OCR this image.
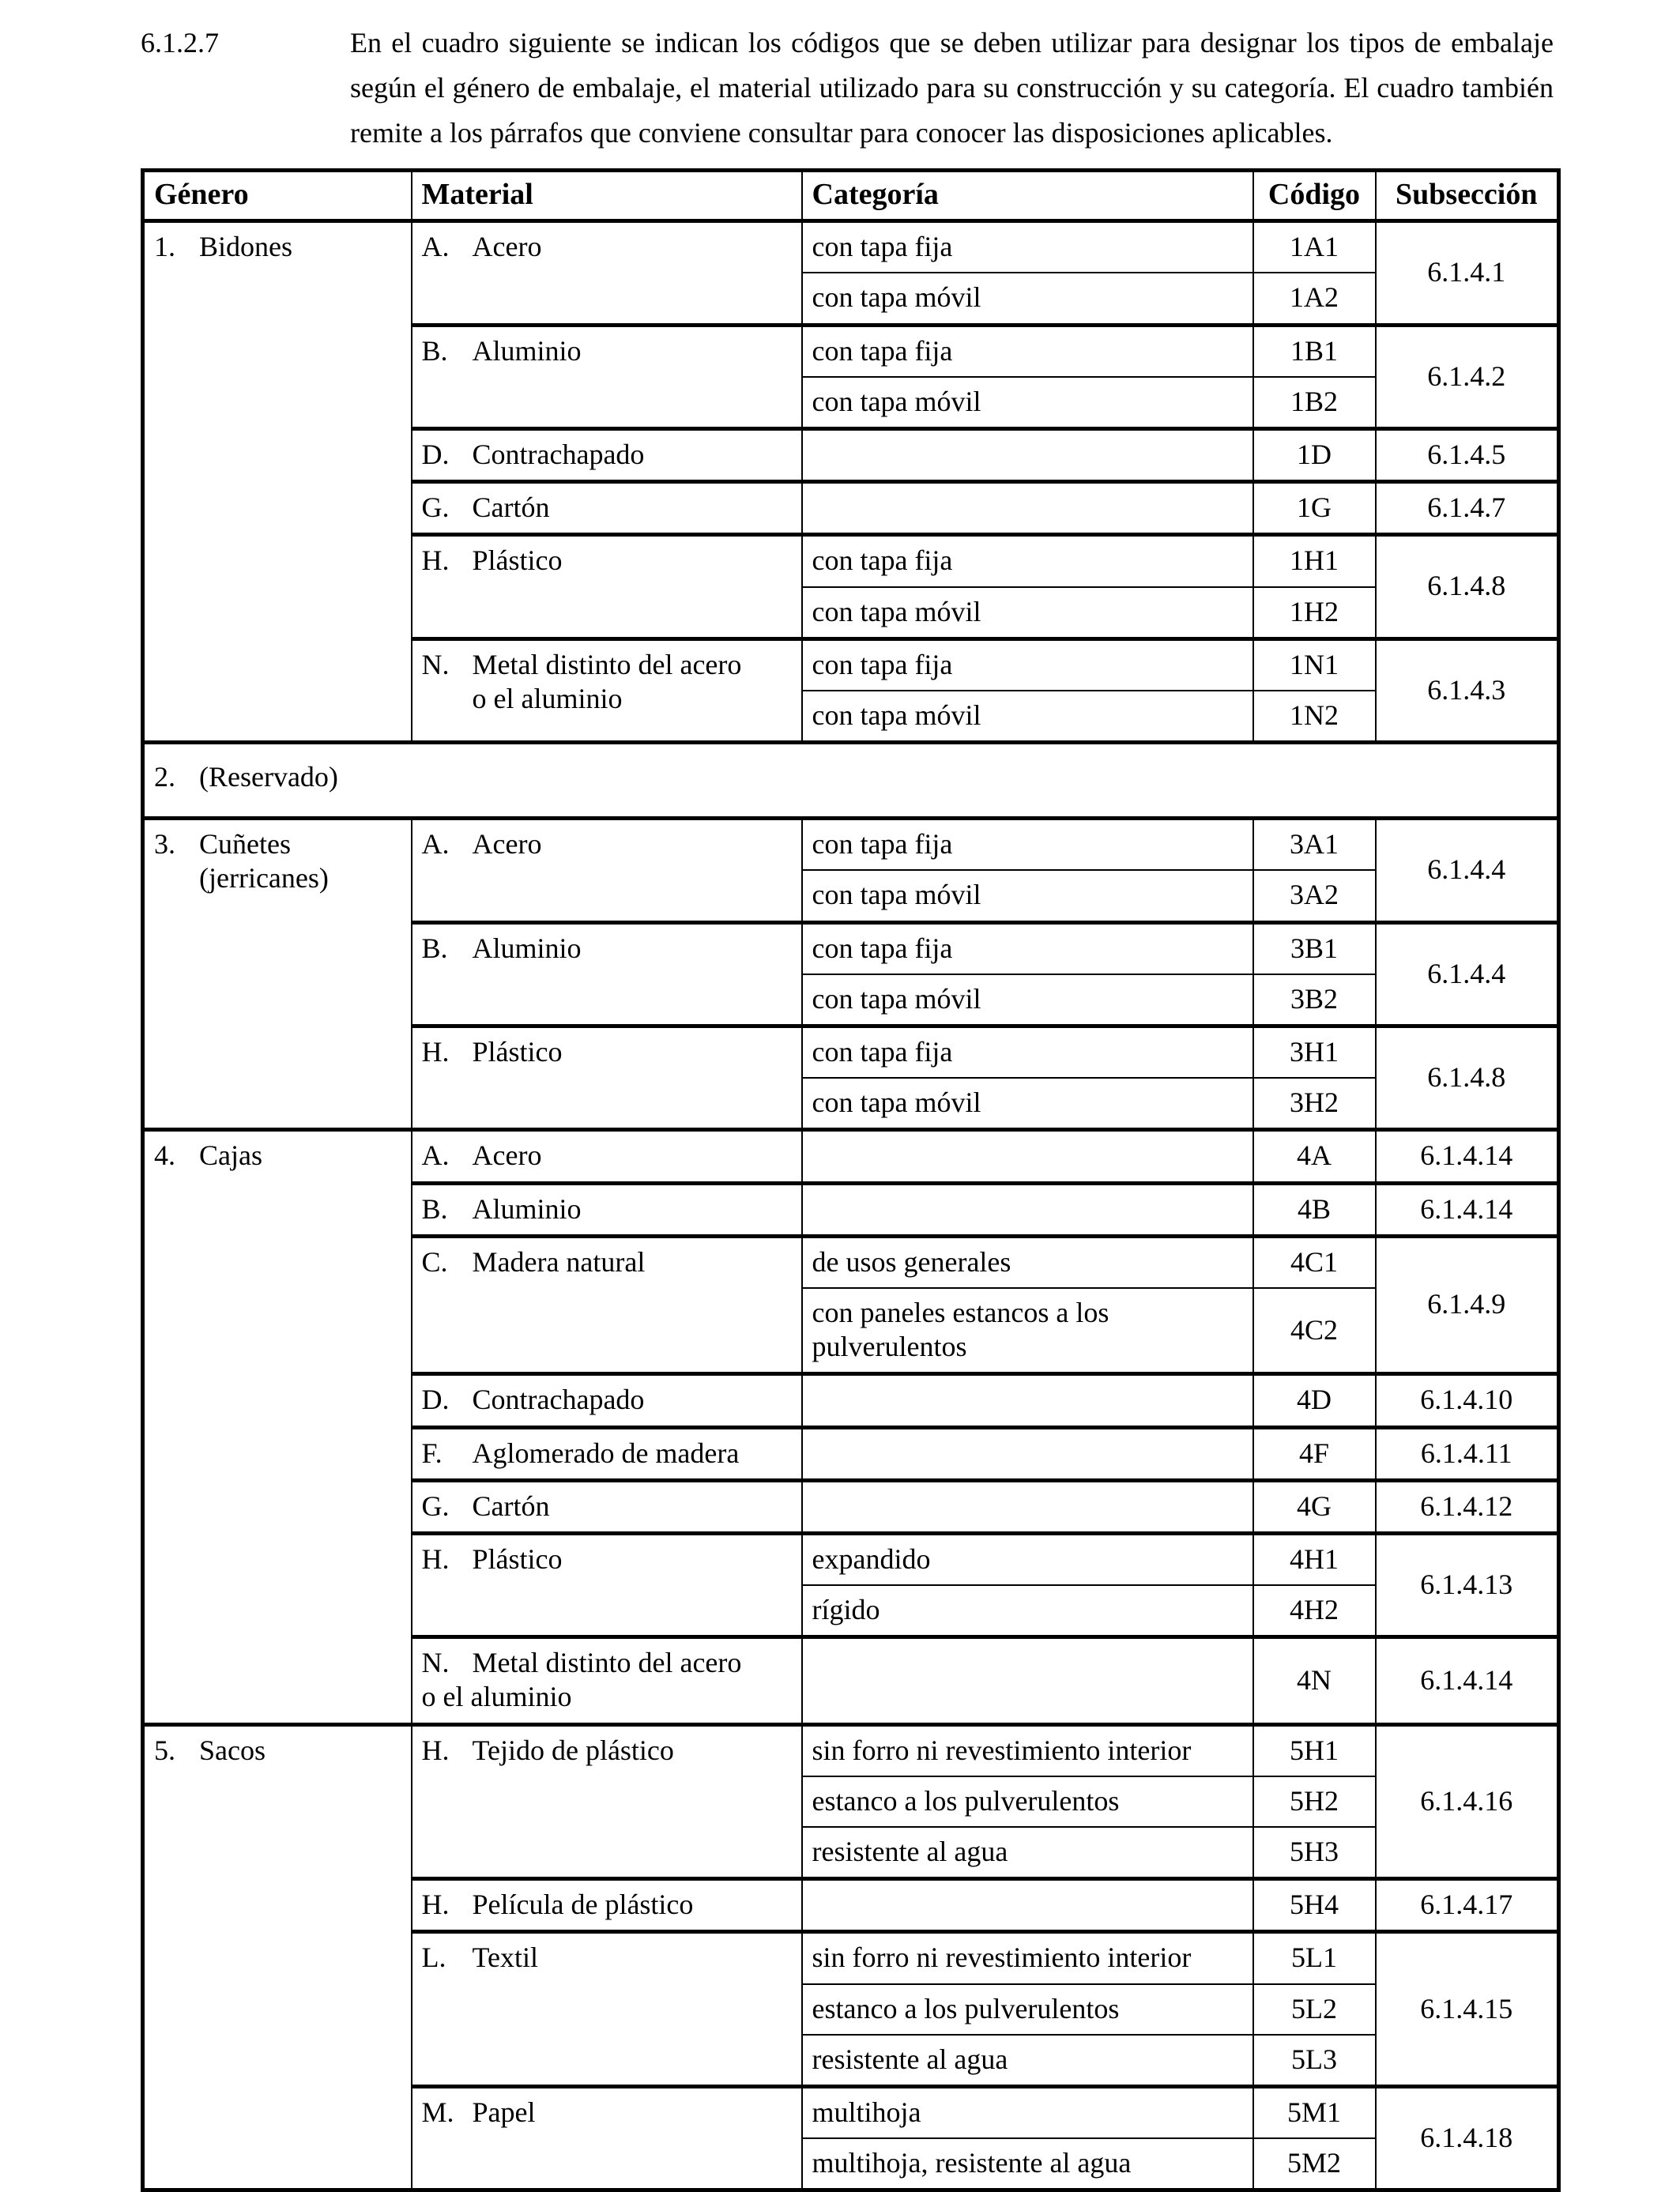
6.1.2.7	En el cuadro siguiente se indican los códigos que se deben utilizar para designar los tipos de embalaje según el género de embalaje, el material utilizado para su construcción y su categoría. El cuadro también remite a los párrafos que conviene consultar para conocer las disposiciones aplicables.
Género	Material	Categoría	Código	Subsección

1. Bidones	A. Acero	con tapa fija	1A1	6.1.4.1
		con tapa móvil	1A2	

	B. Aluminio	con tapa fija	1B1	6.1.4.2
		con tapa móvil	1B2	

	D. Contrachapado		1D	6.1.4.5

	G. Cartón		1G	6.1.4.7

	H. Plástico	con tapa fija	1H1	6.1.4.8
		con tapa móvil	1H2	

	N. Metal distinto del acero o el aluminio	con tapa fija	1N1	6.1.4.3
		con tapa móvil	1N2	

2. (Reservado)				

3. Cuñetes
(jerricanes)	A. Acero	con tapa fija	3A1	6.1.4.4
		con tapa móvil	3A2	

	B. Aluminio	con tapa fija	3B1	6.1.4.4
		con tapa móvil	3B2	

	H. Plástico	con tapa fija	3H1	6.1.4.8
		con tapa móvil	3H2	

4. Cajas	A. Acero		4A	6.1.4.14

	B. Aluminio		4B	6.1.4.14

	C. Madera natural	de usos generales	4C1	6.1.4.9
		con paneles estancos a los pulverulentos	4C2	

	D. Contrachapado		4D	6.1.4.10

	F. Aglomerado de madera		4F	6.1.4.11

	G. Cartón		4G	6.1.4.12

	H. Plástico	expandido	4H1	6.1.4.13
		rígido	4H2	
	N. Metal distinto del acero o el aluminio		4N	6.1.4.14

5. Sacos	H. Tejido de plástico	sin forro ni revestimiento interior	5H1	6.1.4.16
		estanco a los pulverulentos	5H2	
		resistente al agua	5H3	

	H. Película de plástico		5H4	6.1.4.17

	L. Textil	sin forro ni revestimiento interior	5L1	6.1.4.15
		estanco a los pulverulentos	5L2	
		resistente al agua	5L3	

	M. Papel	multihoja	5M1	6.1.4.18
		multihoja, resistente al agua	5M2	
